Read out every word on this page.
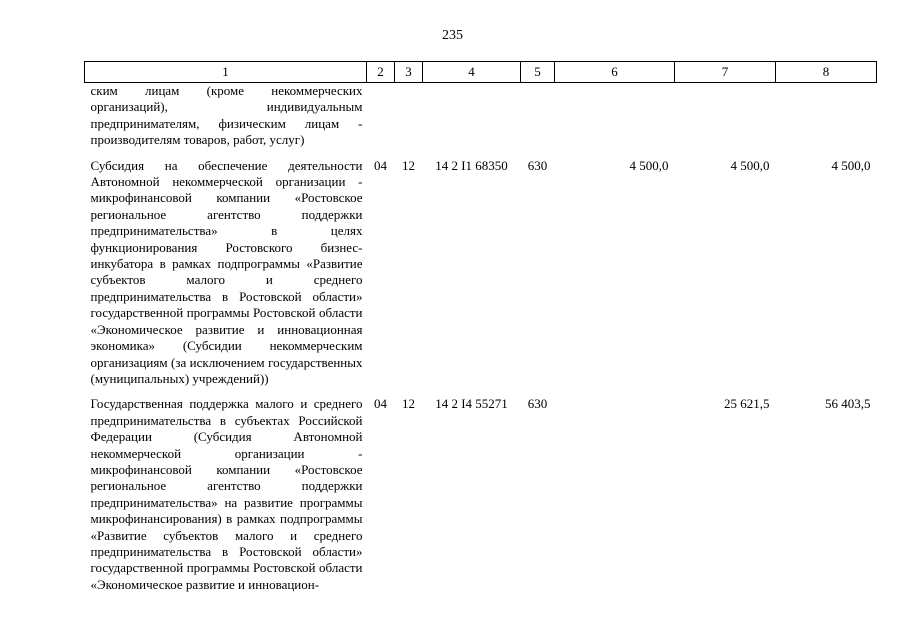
235
1	2	3	4	5	6	7	8
ским лицам (кроме некоммерческих организаций), индивидуальным предпринимателям, физическим лицам - производителям товаров, работ, услуг)							
Субсидия на обеспечение деятельности Автономной некоммерческой организации - микрофинансовой компании «Ростовское региональное агентство поддержки предпринимательства» в целях функционирования Ростовского бизнес-инкубатора в рамках подпрограммы «Развитие субъектов малого и среднего предпринимательства в Ростовской области» государственной программы Ростовской области «Экономическое развитие и инновационная экономика» (Субсидии некоммерческим организациям (за исключением государственных (муниципальных) учреждений))	04	12	14 2 I1 68350	630	4 500,0	4 500,0	4 500,0
Государственная поддержка малого и среднего предпринимательства в субъектах Российской Федерации (Субсидия Автономной некоммерческой организации - микрофинансовой компании «Ростовское региональное агентство поддержки предпринимательства» на развитие программы микрофинансирования) в рамках подпрограммы «Развитие субъектов малого и среднего предпринимательства в Ростовской области» государственной программы Ростовской области «Экономическое развитие и инновацион-	04	12	14 2 I4 55271	630		25 621,5	56 403,5
